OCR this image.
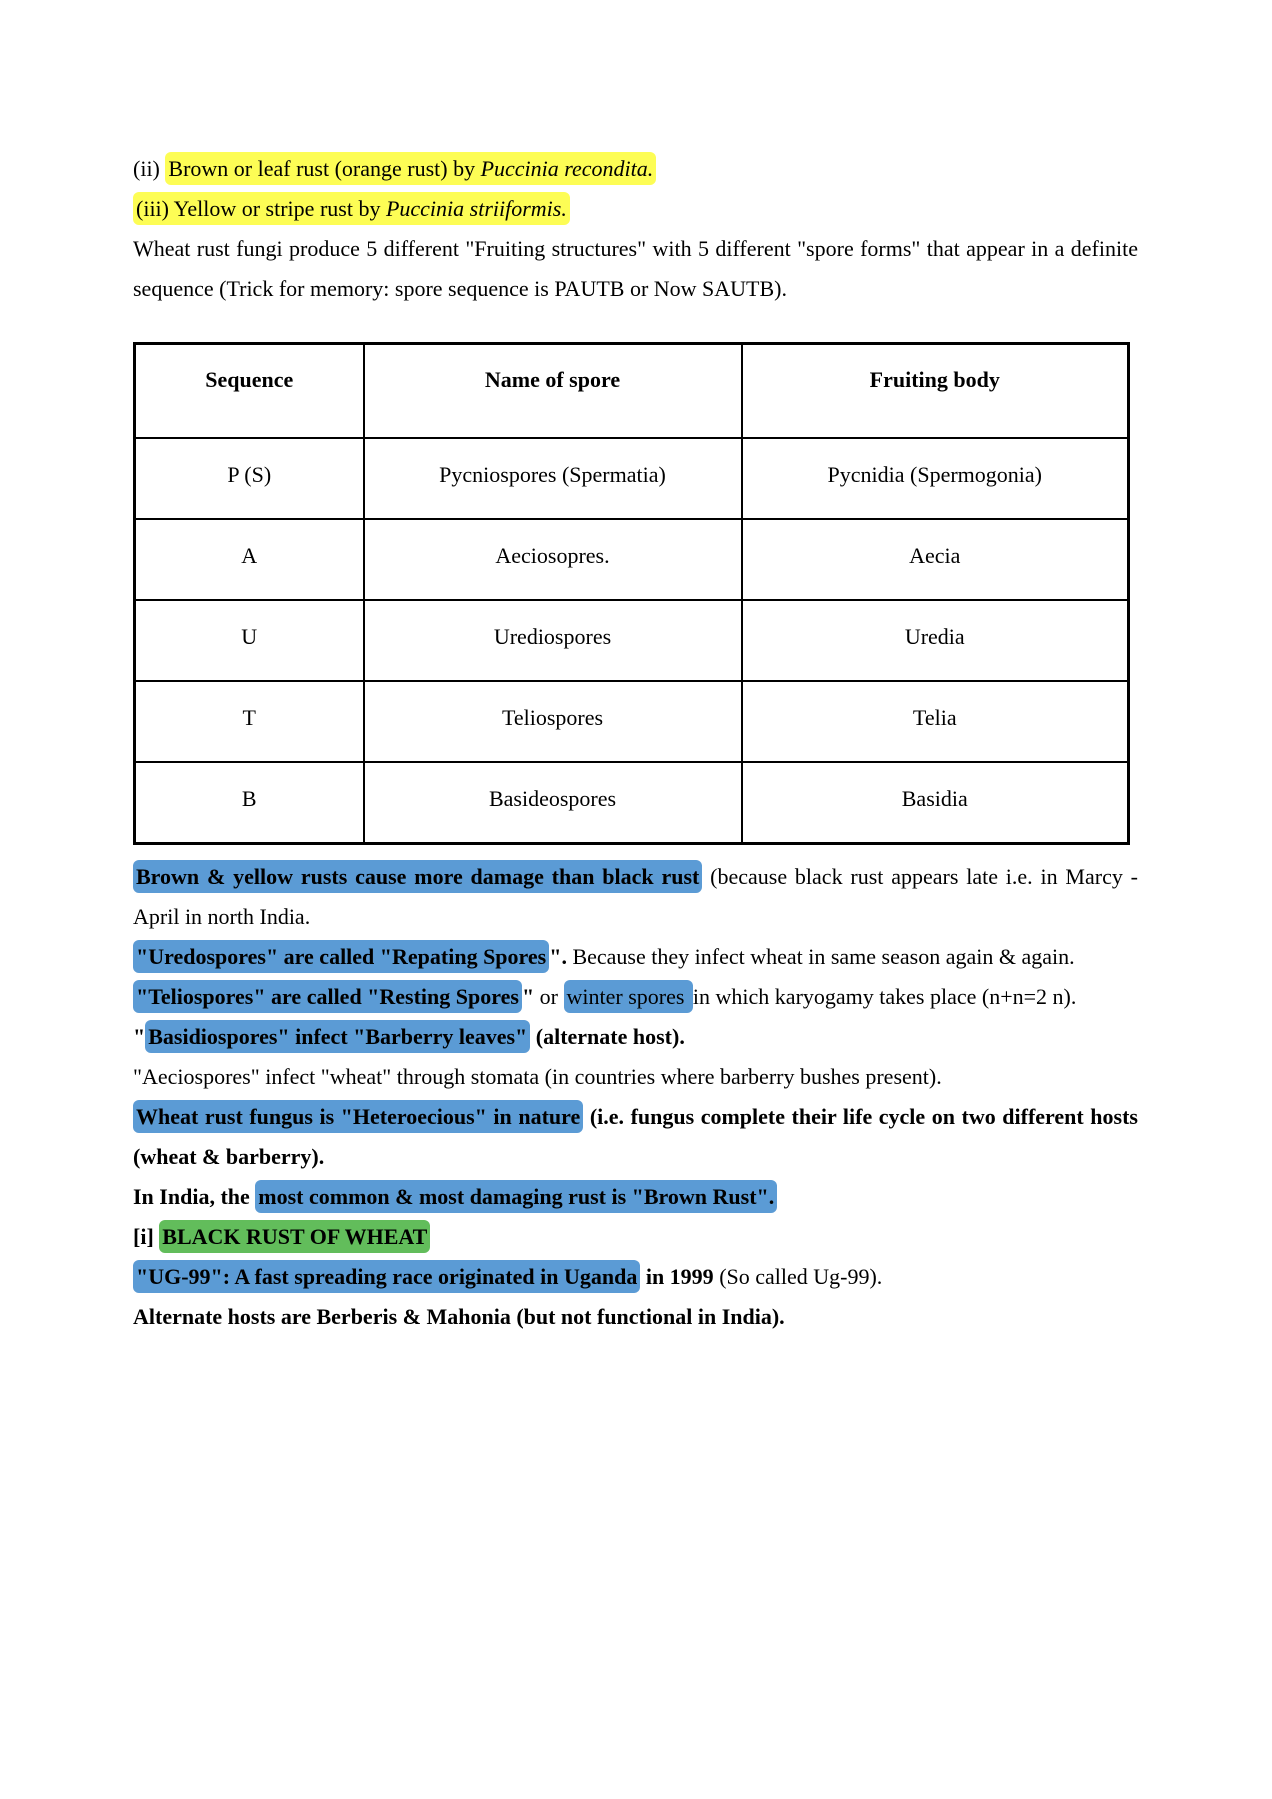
(ii) Brown or leaf rust (orange rust) by Puccinia recondita.

(iii) Yellow or stripe rust by Puccinia striiformis.

Wheat rust fungi produce 5 different "Fruiting structures" with 5 different "spore forms" that appear in a definite sequence (Trick for memory: spore sequence is PAUTB or Now SAUTB).

Sequence	Name of spore	Fruiting body
P (S)	Pycniospores (Spermatia)	Pycnidia (Spermogonia)
A	Aeciosopres.	Aecia
U	Urediospores	Uredia
T	Teliospores	Telia
B	Basideospores	Basidia

Brown & yellow rusts cause more damage than black rust (because black rust appears late i.e. in Marcy - April in north India.

"Uredospores" are called "Repating Spores ". Because they infect wheat in same season again & again.

"Teliospores" are called "Resting Spores " or winter spores in which karyogamy takes place (n+n=2 n).

" Basidiospores" infect "Barberry leaves" (alternate host).

"Aeciospores" infect "wheat" through stomata (in countries where barberry bushes present).

Wheat rust fungus is "Heteroecious" in nature (i.e. fungus complete their life cycle on two different hosts (wheat & barberry).

In India, the most common & most damaging rust is "Brown Rust".

[i] BLACK RUST OF WHEAT

"UG-99": A fast spreading race originated in Uganda in 1999 (So called Ug-99).

Alternate hosts are Berberis & Mahonia (but not functional in India).
